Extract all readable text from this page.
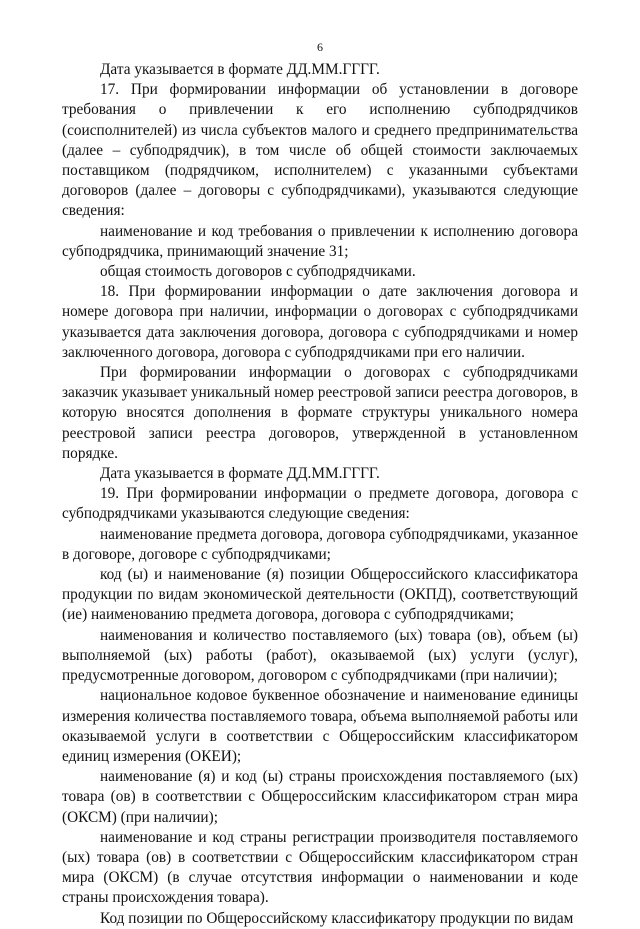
6

Дата указывается в формате ДД.ММ.ГГГГ.

17. При формировании информации об установлении в договоре требования о привлечении к его исполнению субподрядчиков (соисполнителей) из числа субъектов малого и среднего предпринимательства (далее – субподрядчик), в том числе об общей стоимости заключаемых поставщиком (подрядчиком, исполнителем) с указанными субъектами договоров (далее – договоры с субподрядчиками), указываются следующие сведения:

наименование и код требования о привлечении к исполнению договора субподрядчика, принимающий значение 31;

общая стоимость договоров с субподрядчиками.

18. При формировании информации о дате заключения договора и номере договора при наличии, информации о договорах с субподрядчиками указывается дата заключения договора, договора с субподрядчиками и номер заключенного договора, договора с субподрядчиками при его наличии.

При формировании информации о договорах с субподрядчиками заказчик указывает уникальный номер реестровой записи реестра договоров, в которую вносятся дополнения в формате структуры уникального номера реестровой записи реестра договоров, утвержденной в установленном порядке.

Дата указывается в формате ДД.ММ.ГГГГ.

19. При формировании информации о предмете договора, договора с субподрядчиками указываются следующие сведения:

наименование предмета договора, договора субподрядчиками, указанное в договоре, договоре с субподрядчиками;

код (ы) и наименование (я) позиции Общероссийского классификатора продукции по видам экономической деятельности (ОКПД), соответствующий (ие) наименованию предмета договора, договора с субподрядчиками;

наименования и количество поставляемого (ых) товара (ов), объем (ы) выполняемой (ых) работы (работ), оказываемой (ых) услуги (услуг), предусмотренные договором, договором с субподрядчиками (при наличии);

национальное кодовое буквенное обозначение и наименование единицы измерения количества поставляемого товара, объема выполняемой работы или оказываемой услуги в соответствии с Общероссийским классификатором единиц измерения (ОКЕИ);

наименование (я) и код (ы) страны происхождения поставляемого (ых) товара (ов) в соответствии с Общероссийским классификатором стран мира (ОКСМ) (при наличии);

наименование и код страны регистрации производителя поставляемого (ых) товара (ов) в соответствии с Общероссийским классификатором стран мира (ОКСМ) (в случае отсутствия информации о наименовании и коде страны происхождения товара).

Код позиции по Общероссийскому классификатору продукции по видам
